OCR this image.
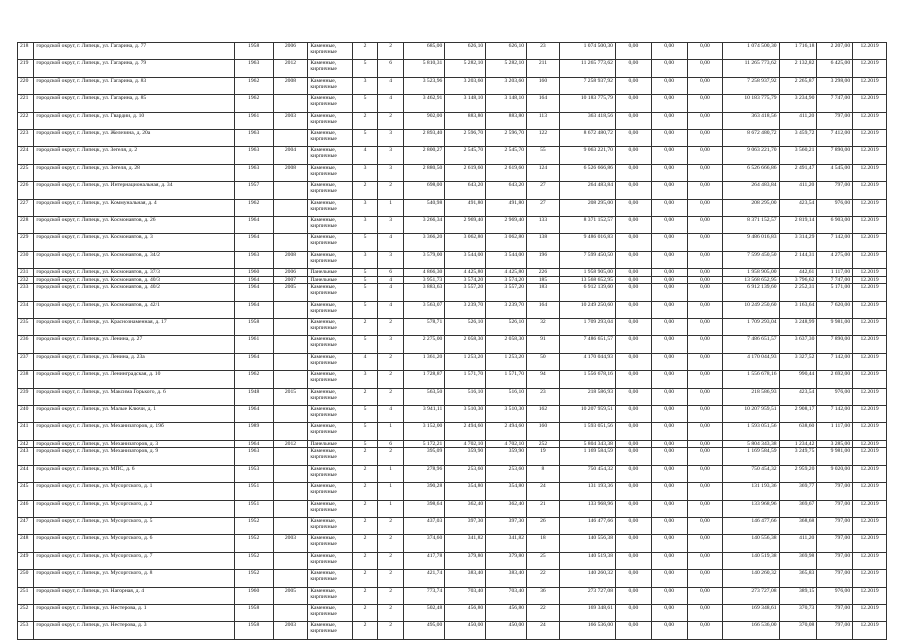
218	городской округ, г. Липецк, ул. Гагарина, д. 77	1958	2006	Каменные, кирпичные	2	2	685,00	626,10	626,10	23	1 074 500,30	0,00	0,00	0,00	1 074 500,30	1 716,18	2 207,00	12.2019
219	городской округ, г. Липецк, ул. Гагарина, д. 79	1963	2012	Каменные, кирпичные	5	6	5 810,31	5 282,10	5 282,10	211	11 265 773,62	0,00	0,00	0,00	11 265 773,62	2 132,82	6 425,00	12.2019
220	городской округ, г. Липецк, ул. Гагарина, д. 83	1962	2008	Каменные, кирпичные	3	4	3 523,96	3 203,60	3 203,60	160	7 258 937,92	0,00	0,00	0,00	7 258 937,92	2 265,87	3 298,00	12.2019
221	городской округ, г. Липецк, ул. Гагарина, д. 85	1962		Каменные, кирпичные	5	4	3 462,91	3 148,10	3 148,10	164	10 183 775,79	0,00	0,00	0,00	10 183 775,79	3 234,90	7 747,00	12.2019
222	городской округ, г. Липецк, ул. Гвардии, д. 10	1961	2003	Каменные, кирпичные	2	2	902,00	883,80	883,80	113	363 418,56	0,00	0,00	0,00	363 418,56	411,20	797,00	12.2019
223	городской округ, г. Липецк, ул. Железина, д. 20а	1963		Каменные, кирпичные	5	3	2 893,40	2 596,70	2 596,70	122	8 672 480,72	0,00	0,00	0,00	8 672 480,72	3 459,72	7 412,00	12.2019
224	городской округ, г. Липецк, ул. Зегеля, д. 2	1963	2004	Каменные, кирпичные	4	3	2 800,27	2 545,70	2 545,70	55	9 063 221,70	0,00	0,00	0,00	9 063 221,70	3 560,21	7 890,00	12.2019
225	городской округ, г. Липецк, ул. Зегеля, д. 28	1963	2008	Каменные, кирпичные	3	3	2 880,50	2 619,60	2 619,60	124	6 526 666,86	0,00	0,00	0,00	6 526 666,86	2 491,47	4 545,00	12.2019
226	городской округ, г. Липецк, ул. Интернациональная, д. 34	1957		Каменные, кирпичные	2	2	698,00	643,20	643,20	27	264 483,84	0,00	0,00	0,00	264 483,84	411,20	797,00	12.2019
227	городской округ, г. Липецк, ул. Коммунальная, д. 4	1962		Каменные, кирпичные	3	1	540,98	491,80	491,80	27	208 295,00	0,00	0,00	0,00	208 295,00	423,54	976,00	12.2019
228	городской округ, г. Липецк, ул. Космонавтов, д. 26	1964		Каменные, кирпичные	3	3	3 266,34	2 969,40	2 969,40	133	8 371 152,57	0,00	0,00	0,00	8 371 152,57	2 819,14	6 903,00	12.2019
229	городской округ, г. Липецк, ул. Космонавтов, д. 3	1964		Каменные, кирпичные	5	4	3 366,20	3 062,80	3 062,80	138	9 486 016,83	0,00	0,00	0,00	9 486 016,83	3 314,29	7 142,00	12.2019
230	городской округ, г. Липецк, ул. Космонавтов, д. 34/2	1963	2008	Каменные, кирпичные	3	3	3 579,00	3 544,00	3 544,00	196	7 599 450,50	0,00	0,00	0,00	7 599 450,50	2 144,31	4 275,00	12.2019
231	городской округ, г. Липецк, ул. Космонавтов, д. 37/3	1960	2006	Панельные	5	6	4 866,30	4 425,80	4 425,80	226	1 958 905,00	0,00	0,00	0,00	1 958 905,00	442,61	1 117,00	12.2019
232	городской округ, г. Липецк, ул. Космонавтов, д. 40/3	1964	2007	Панельные	5	4	3 951,73	3 574,20	3 574,20	185	13 568 652,95	0,00	0,00	0,00	13 568 652,95	3 796,62	7 747,00	12.2019
233	городской округ, г. Липецк, ул. Космонавтов, д. 40/2	1964	2005	Каменные, кирпичные	5	4	3 883,63	3 557,20	3 557,20	183	6 912 139,60	0,00	0,00	0,00	6 912 139,60	2 252,31	5 171,00	12.2019
234	городской округ, г. Липецк, ул. Космонавтов, д. 42/1	1964		Каменные, кирпичные	5	4	3 563,07	3 239,70	3 239,70	164	10 249 250,60	0,00	0,00	0,00	10 249 250,60	3 163,64	7 620,00	12.2019
235	городской округ, г. Липецк, ул. Краснознаменная, д. 17	1958		Каменные, кирпичные	2	2	578,71	526,10	526,10	32	1 709 293,04	0,00	0,00	0,00	1 709 293,04	3 248,99	9 981,00	12.2019
236	городской округ, г. Липецк, ул. Ленина, д. 27	1961		Каменные, кирпичные	5	3	2 275,00	2 058,30	2 058,30	91	7 486 651,57	0,00	0,00	0,00	7 486 651,57	3 637,30	7 890,00	12.2019
237	городской округ, г. Липецк, ул. Ленина, д. 23а	1964		Каменные, кирпичные	4	2	1 361,20	1 253,20	1 253,20	50	4 170 044,93	0,00	0,00	0,00	4 170 044,93	3 327,52	7 142,00	12.2019
238	городской округ, г. Липецк, ул. Ленинградская, д. 10	1962		Каменные, кирпичные	3	2	1 728,87	1 571,70	1 571,70	94	1 556 678,16	0,00	0,00	0,00	1 556 678,16	990,44	2 692,00	12.2019
239	городской округ, г. Липецк, ул. Максима Горького, д. 6	1948	2015	Каменные, кирпичные	2	2	563,50	516,10	516,10	23	218 586,93	0,00	0,00	0,00	218 586,93	423,54	976,00	12.2019
240	городской округ, г. Липецк, ул. Малые Ключи, д. 1	1964		Каменные, кирпичные	5	4	3 941,11	3 510,30	3 510,30	162	10 207 959,51	0,00	0,00	0,00	10 207 959,51	2 908,17	7 142,00	12.2019
241	городской округ, г. Липецк, ул. Механизаторов, д. 19б	1989		Каменные, кирпичные	5	1	3 152,00	2 494,60	2 494,60	160	1 593 051,56	0,00	0,00	0,00	1 593 051,56	638,60	1 117,00	12.2019
242	городской округ, г. Липецк, ул. Механизаторов, д. 3	1964	2012	Панельные	5	6	5 172,21	4 702,10	4 702,10	252	5 804 343,38	0,00	0,00	0,00	5 804 343,38	1 234,42	3 285,00	12.2019
243	городской округ, г. Липецк, ул. Механизаторов, д. 9	1963		Каменные, кирпичные	2	2	395,09	359,90	359,90	19	1 169 584,59	0,00	0,00	0,00	1 169 584,59	3 249,75	9 981,00	12.2019
244	городской округ, г. Липецк, ул. МПС, д. 6	1953		Каменные, кирпичные	2	1	278,96	253,60	253,60	8	750 454,32	0,00	0,00	0,00	750 454,32	2 959,20	9 020,00	12.2019
245	городской округ, г. Липецк, ул. Мусоргского, д. 1	1951		Каменные, кирпичные	2	1	390,28	354,80	354,80	24	131 193,36	0,00	0,00	0,00	131 193,36	369,77	797,00	12.2019
246	городской округ, г. Липецк, ул. Мусоргского, д. 2	1951		Каменные, кирпичные	2	1	398,64	362,40	362,40	21	133 968,96	0,00	0,00	0,00	133 968,96	369,67	797,00	12.2019
247	городской округ, г. Липецк, ул. Мусоргского, д. 5	1952		Каменные, кирпичные	2	2	437,03	397,30	397,30	26	146 477,66	0,00	0,00	0,00	146 477,66	368,68	797,00	12.2019
248	городской округ, г. Липецк, ул. Мусоргского, д. 6	1952	2003	Каменные, кирпичные	2	2	374,60	341,82	341,82	18	140 556,38	0,00	0,00	0,00	140 556,38	411,20	797,00	12.2019
249	городской округ, г. Липецк, ул. Мусоргского, д. 7	1952		Каменные, кирпичные	2	2	417,78	379,80	379,80	25	140 519,38	0,00	0,00	0,00	140 519,38	369,98	797,00	12.2019
250	городской округ, г. Липецк, ул. Мусоргского, д. 8	1952		Каменные, кирпичные	2	2	421,74	383,40	383,40	22	140 260,32	0,00	0,00	0,00	140 260,32	365,83	797,00	12.2019
251	городской округ, г. Липецк, ул. Нагорная, д. 4	1960	2005	Каменные, кирпичные	2	2	773,74	703,40	703,40	36	273 727,08	0,00	0,00	0,00	273 727,08	389,15	976,00	12.2019
252	городской округ, г. Липецк, ул. Нестерова, д. 1	1958		Каменные, кирпичные	2	2	502,48	456,80	456,80	22	169 348,61	0,00	0,00	0,00	169 348,61	370,73	797,00	12.2019
253	городской округ, г. Липецк, ул. Нестерова, д. 3	1958	2003	Каменные, кирпичные	2	2	495,00	450,00	450,00	24	166 536,00	0,00	0,00	0,00	166 536,00	370,08	797,00	12.2019
